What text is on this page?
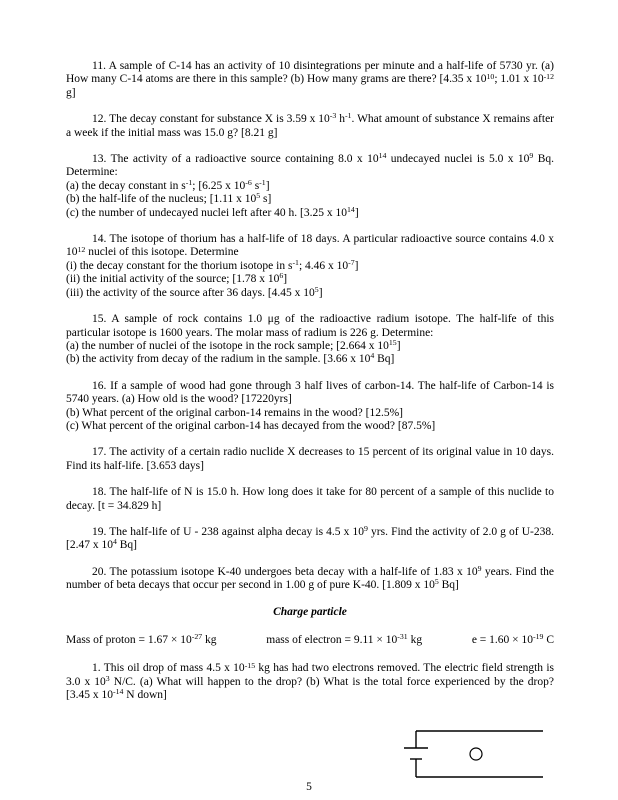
11. A sample of C-14 has an activity of 10 disintegrations per minute and a half-life of 5730 yr. (a) How many C-14 atoms are there in this sample? (b) How many grams are there? [4.35 x $10^{10}$; 1.01 x $10^{-12}$ g]

12. The decay constant for substance X is 3.59 x $10^{-3}$ $h^{-1}$. What amount of substance X remains after a week if the initial mass was 15.0 g? [8.21 g]

13. The activity of a radioactive source containing 8.0 x $10^{14}$ undecayed nuclei is 5.0 x $10^9$ Bq. Determine:

(a) the decay constant in $s^{-1}$; [6.25 x $10^{-6}$ $s^{-1}$]

(b) the half-life of the nucleus; [1.11 x $10^5$ s]

(c) the number of undecayed nuclei left after 40 h. [3.25 x $10^{14}$]

14. The isotope of thorium has a half-life of 18 days. A particular radioactive source contains 4.0 x $10^{12}$ nuclei of this isotope. Determine

(i) the decay constant for the thorium isotope in $s^{-1}$; 4.46 x $10^{-7}$]

(ii) the initial activity of the source; [1.78 x $10^6$]

(iii) the activity of the source after 36 days. [4.45 x $10^5$]

15. A sample of rock contains 1.0 μg of the radioactive radium isotope. The half-life of this particular isotope is 1600 years. The molar mass of radium is 226 g. Determine:

(a) the number of nuclei of the isotope in the rock sample; [2.664 x $10^{15}$]

(b) the activity from decay of the radium in the sample. [3.66 x $10^4$ Bq]

16. If a sample of wood had gone through 3 half lives of carbon-14. The half-life of Carbon-14 is 5740 years. (a) How old is the wood? [17220yrs]

(b) What percent of the original carbon-14 remains in the wood? [12.5%]

(c) What percent of the original carbon-14 has decayed from the wood? [87.5%]

17. The activity of a certain radio nuclide X decreases to 15 percent of its original value in 10 days. Find its half-life. [3.653 days]

18. The half-life of N is 15.0 h. How long does it take for 80 percent of a sample of this nuclide to decay. [t = 34.829 h]

19. The half-life of U - 238 against alpha decay is 4.5 x $10^9$ yrs. Find the activity of 2.0 g of U-238. [2.47 x $10^4$ Bq]

20. The potassium isotope K-40 undergoes beta decay with a half-life of 1.83 x $10^9$ years. Find the number of beta decays that occur per second in 1.00 g of pure K-40. [1.809 x $10^5$ Bq]

Charge particle
Mass of proton = $1.67 \times 10^{-27}$ kg	mass of electron = $9.11 \times 10^{-31}$ kg	$e = 1.60 \times 10^{-19}$ C

1. This oil drop of mass 4.5 x $10^{-15}$ kg has had two electrons removed. The electric field strength is 3.0 x $10^3$ N/C. (a) What will happen to the drop? (b) What is the total force experienced by the drop? [3.45 x $10^{-14}$ N down]

5
